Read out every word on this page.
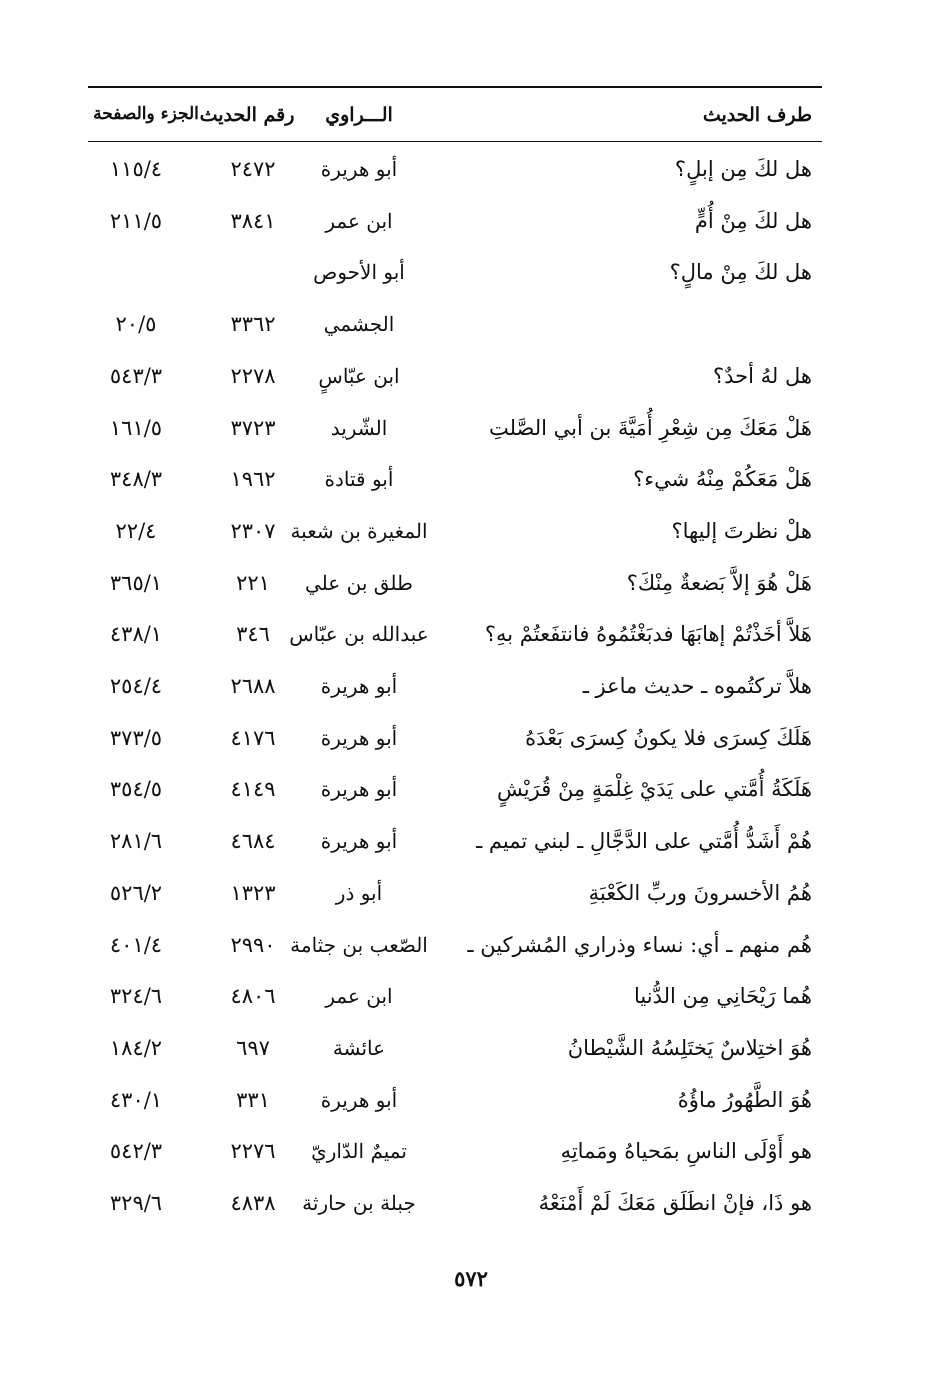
طرف الحديث
الـــراوي
رقم الحديث
الجزء والصفحة
هل لكَ مِن إبلٍ؟
أبو هريرة
٢٤٧٢
١١٥/٤
هل لكَ مِنْ أُمٍّ
ابن عمر
٣٨٤١
٢١١/٥
هل لكَ مِنْ مالٍ؟
أبو الأحوص
الجشمي
٣٣٦٢
٢٠/٥
هل لهُ أحدٌ؟
ابن عبّاسٍ
٢٢٧٨
٥٤٣/٣
هَلْ مَعَكَ مِن شِعْرِ أُمَيَّةَ بن أبي الصَّلتِ
الشّريد
٣٧٢٣
١٦١/٥
هَلْ مَعَكُمْ مِنْهُ شيء؟
أبو قتادة
١٩٦٢
٣٤٨/٣
هلْ نظرتَ إليها؟
المغيرة بن شعبة
٢٣٠٧
٢٢/٤
هَلْ هُوَ إلاَّ بَضعةٌ مِنْكَ؟
طلق بن علي
٢٢١
٣٦٥/١
هَلاَّ أخَذْتُمْ إهابَهَا فدبَغْتُمُوهُ فانتفَعتُمْ بهِ؟
عبدالله بن عبّاس
٣٤٦
٤٣٨/١
هلاَّ تركتُموه ـ حديث ماعز ـ
أبو هريرة
٢٦٨٨
٢٥٤/٤
هَلَكَ كِسرَى فلا يكونُ كِسرَى بَعْدَهُ
أبو هريرة
٤١٧٦
٣٧٣/٥
هَلَكَةُ أُمَّتي على يَدَيْ غِلْمَةٍ مِنْ قُرَيْشٍ
أبو هريرة
٤١٤٩
٣٥٤/٥
هُمْ أَشَدُّ أُمَّتي على الدَّجَّالِ ـ لبني تميم ـ
أبو هريرة
٤٦٨٤
٢٨١/٦
هُمُ الأخسرونَ وربِّ الكَعْبَةِ
أبو ذر
١٣٢٣
٥٢٦/٢
هُم منهم ـ أي: نساء وذراري المُشركين ـ
الصّعب بن جثامة
٢٩٩٠
٤٠١/٤
هُما رَيْحَانِي مِن الدُّنيا
ابن عمر
٤٨٠٦
٣٢٤/٦
هُوَ اختِلاسٌ يَختَلِسُهُ الشَّيْطانُ
عائشة
٦٩٧
١٨٤/٢
هُوَ الطَّهُورُ ماؤُهُ
أبو هريرة
٣٣١
٤٣٠/١
هو أَوْلَى الناسِ بمَحياهُ ومَماتِهِ
تميمٌ الدّاريّ
٢٢٧٦
٥٤٢/٣
هو ذَا، فإنْ انطَلَق مَعَكَ لَمْ أَمْنَعْهُ
جبلة بن حارثة
٤٨٣٨
٣٢٩/٦
٥٧٢
